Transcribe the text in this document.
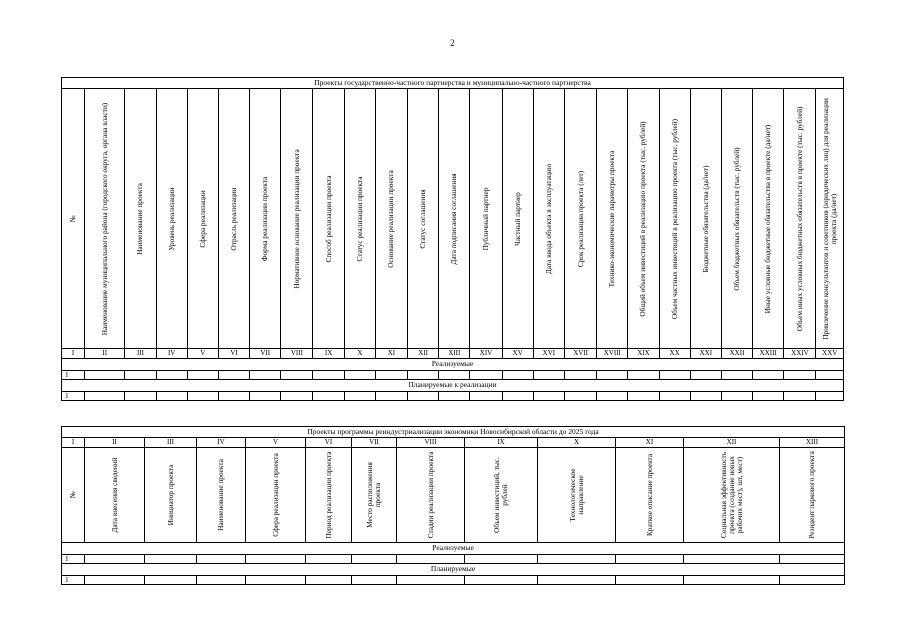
2
Проекты государственно-частного партнерства и муниципально-частного партнерства																								

№	Наименование муниципального района (городского округа, органа власти)	Наименование проекта	Уровень реализации	Сфера реализации	Отрасль реализации	Форма реализации проекта	Нормативное основание реализации проекта	Способ реализации проекта	Статус реализации проекта	Основание реализации проекта	Статус соглашения	Дата подписания соглашения	Публичный партнер	Частный партнер	Дата ввода объекта в эксплуатацию	Срок реализации проекта (лет)	Технико-экономические параметры проекта	Общий объем инвестиций в реализацию проекта (тыс. рублей)	Объем частных инвестиций в реализацию проекта (тыс. рублей)	Бюджетные обязательства (да/нет)	Объем бюджетных обязательств (тыс. рублей)	Иные условные бюджетные обязательства в проекте (да/нет)	Объем иных условных бюджетных обязательств в проекте (тыс. рублей)	Привлечение консультантов и советников (юридических лиц) для реализации проекта (да/нет)

I	II	III	IV	V	VI	VII	VIII	IX	X	XI	XII	XIII	XIV	XV	XVI	XVII	XVIII	XIX	XX	XXI	XXII	XXIII	XXIV	XXV
Реализуемые																								
1																								
Планируемые к реализации																								
1																								
Проекты программы реиндустриализации экономики Новосибирской области до 2025 года												
I	II	III	IV	V	VI	VII	VIII	IX	X	XI	XII	XIII

№	Дата внесения сведений	Инициатор проекта	Наименование проекта	Сфера реализации проекта	Период реализации проекта	Место расположения проекта	Стадии реализации проекта	Объем инвестиций, тыс. рублей	Технологическое направление	Краткое описание проекта	Социальная эффективность проекта (создание новых рабочих мест), шт, мест)	Резидент паркового проекта

Реализуемые												
1												
Планируемые												
1												
